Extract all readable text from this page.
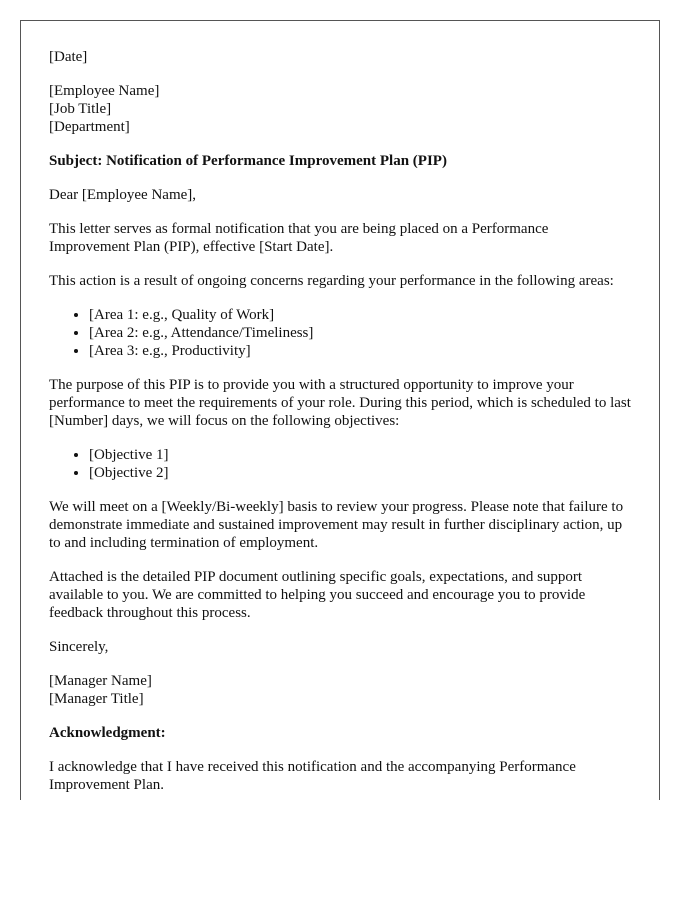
[Date]

[Employee Name]
[Job Title]
[Department]

Subject: Notification of Performance Improvement Plan (PIP)

Dear [Employee Name],

This letter serves as formal notification that you are being placed on a Performance Improvement Plan (PIP), effective [Start Date].

This action is a result of ongoing concerns regarding your performance in the following areas:

• [Area 1: e.g., Quality of Work]
• [Area 2: e.g., Attendance/Timeliness]
• [Area 3: e.g., Productivity]

The purpose of this PIP is to provide you with a structured opportunity to improve your performance to meet the requirements of your role. During this period, which is scheduled to last [Number] days, we will focus on the following objectives:

• [Objective 1]
• [Objective 2]

We will meet on a [Weekly/Bi-weekly] basis to review your progress. Please note that failure to demonstrate immediate and sustained improvement may result in further disciplinary action, up to and including termination of employment.

Attached is the detailed PIP document outlining specific goals, expectations, and support available to you. We are committed to helping you succeed and encourage you to provide feedback throughout this process.

Sincerely,

[Manager Name]
[Manager Title]

Acknowledgment:

I acknowledge that I have received this notification and the accompanying Performance Improvement Plan.
